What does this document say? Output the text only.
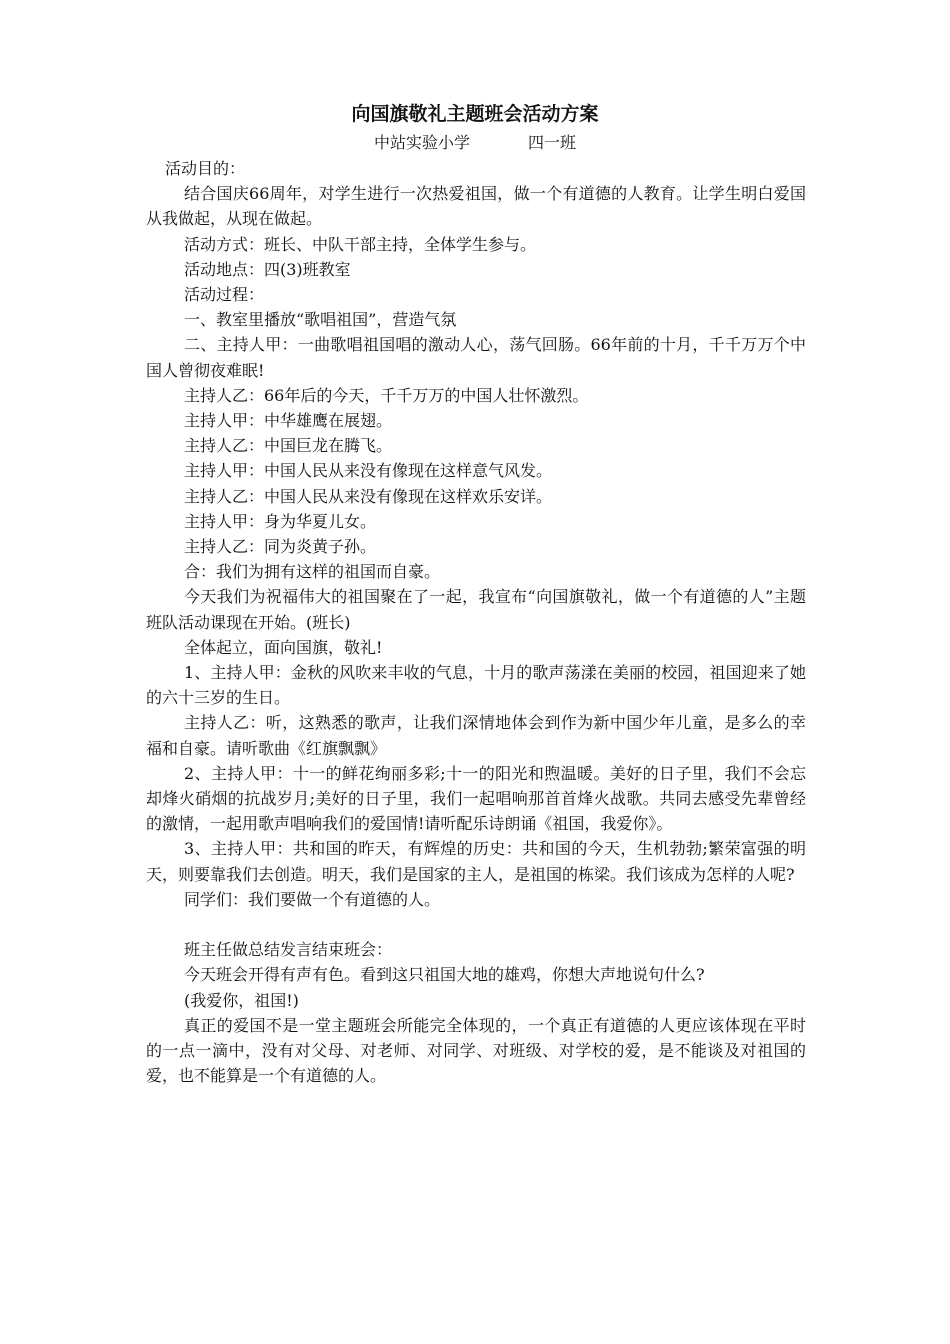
向国旗敬礼主题班会活动方案
中站实验小学	四一班

活动目的：

结合国庆66周年，对学生进行一次热爱祖国，做一个有道德的人教育。让学生明白爱国从我做起，从现在做起。

活动方式：班长、中队干部主持，全体学生参与。

活动地点：四(3)班教室

活动过程：

一、教室里播放“歌唱祖国”，营造气氛

二、主持人甲：一曲歌唱祖国唱的激动人心，荡气回肠。66年前的十月，千千万万个中国人曾彻夜难眠!

主持人乙：66年后的今天，千千万万的中国人壮怀激烈。

主持人甲：中华雄鹰在展翅。

主持人乙：中国巨龙在腾飞。

主持人甲：中国人民从来没有像现在这样意气风发。

主持人乙：中国人民从来没有像现在这样欢乐安详。

主持人甲：身为华夏儿女。

主持人乙：同为炎黄子孙。

合：我们为拥有这样的祖国而自豪。

今天我们为祝福伟大的祖国聚在了一起，我宣布“向国旗敬礼，做一个有道德的人”主题班队活动课现在开始。(班长)

全体起立，面向国旗，敬礼!

1、主持人甲：金秋的风吹来丰收的气息，十月的歌声荡漾在美丽的校园，祖国迎来了她的六十三岁的生日。

主持人乙：听，这熟悉的歌声，让我们深情地体会到作为新中国少年儿童，是多么的幸福和自豪。请听歌曲《红旗飘飘》

2、主持人甲：十一的鲜花绚丽多彩;十一的阳光和煦温暖。美好的日子里，我们不会忘却烽火硝烟的抗战岁月;美好的日子里，我们一起唱响那首首烽火战歌。共同去感受先辈曾经的激情，一起用歌声唱响我们的爱国情!请听配乐诗朗诵《祖国，我爱你》。

3、主持人甲：共和国的昨天，有辉煌的历史：共和国的今天，生机勃勃;繁荣富强的明天，则要靠我们去创造。明天，我们是国家的主人，是祖国的栋梁。我们该成为怎样的人呢?

同学们：我们要做一个有道德的人。

班主任做总结发言结束班会：

今天班会开得有声有色。看到这只祖国大地的雄鸡，你想大声地说句什么?

(我爱你，祖国!)

真正的爱国不是一堂主题班会所能完全体现的，一个真正有道德的人更应该体现在平时的一点一滴中，没有对父母、对老师、对同学、对班级、对学校的爱，是不能谈及对祖国的爱，也不能算是一个有道德的人。
